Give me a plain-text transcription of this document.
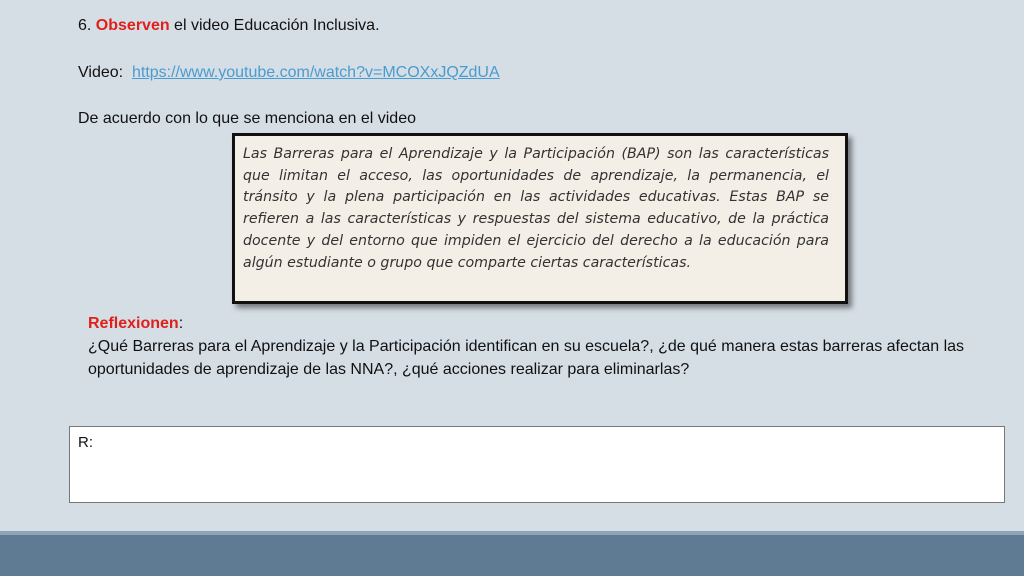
6. Observen el video Educación Inclusiva.
Video: https://www.youtube.com/watch?v=MCOXxJQZdUA
De acuerdo con lo que se menciona en el video
Las Barreras para el Aprendizaje y la Participación (BAP) son las características que limitan el acceso, las oportunidades de aprendizaje, la permanencia, el tránsito y la plena participación en las actividades educativas. Estas BAP se refieren a las características y respuestas del sistema educativo, de la práctica docente y del entorno que impiden el ejercicio del derecho a la educación para algún estudiante o grupo que comparte ciertas características.
Reflexionen:
¿Qué Barreras para el Aprendizaje y la Participación identifican en su escuela?, ¿de qué manera estas barreras afectan las oportunidades de aprendizaje de las NNA?, ¿qué acciones realizar para eliminarlas?
R:
